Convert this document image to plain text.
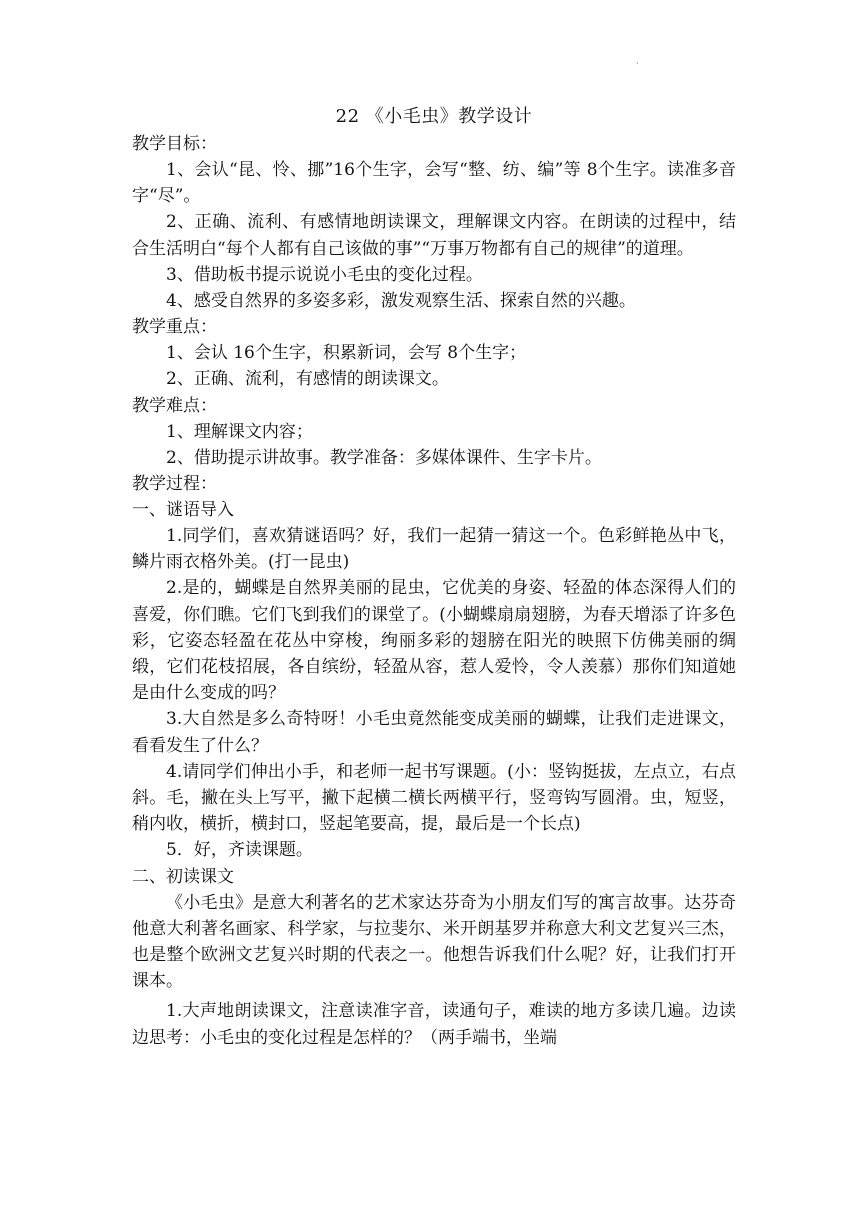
·

22 《小毛虫》教学设计

教学目标：

1、会认“昆、怜、挪”16个生字，会写“整、纺、编”等 8个生字。读准多音字“尽”。

2、正确、流利、有感情地朗读课文，理解课文内容。在朗读的过程中，结合生活明白“每个人都有自己该做的事”“万事万物都有自己的规律”的道理。

3、借助板书提示说说小毛虫的变化过程。

4、感受自然界的多姿多彩，激发观察生活、探索自然的兴趣。

教学重点：

1、会认 16个生字，积累新词，会写 8个生字；

2、正确、流利，有感情的朗读课文。

教学难点：

1、理解课文内容；

2、借助提示讲故事。教学准备：多媒体课件、生字卡片。

教学过程：

一、谜语导入

1.同学们，喜欢猜谜语吗？好，我们一起猜一猜这一个。色彩鲜艳丛中飞，鳞片雨衣格外美。(打一昆虫)

2.是的，蝴蝶是自然界美丽的昆虫，它优美的身姿、轻盈的体态深得人们的喜爱，你们瞧。它们飞到我们的课堂了。(小蝴蝶扇扇翅膀，为春天增添了许多色彩，它姿态轻盈在花丛中穿梭，绚丽多彩的翅膀在阳光的映照下仿佛美丽的绸缎，它们花枝招展，各自缤纷，轻盈从容，惹人爱怜，令人羡慕）那你们知道她是由什么变成的吗？

3.大自然是多么奇特呀！小毛虫竟然能变成美丽的蝴蝶，让我们走进课文，看看发生了什么？

4.请同学们伸出小手，和老师一起书写课题。(小：竖钩挺拔，左点立，右点斜。毛，撇在头上写平，撇下起横二横长两横平行，竖弯钩写圆滑。虫，短竖，稍内收，横折，横封口，竖起笔要高，提，最后是一个长点)

5．好，齐读课题。

二、初读课文

《小毛虫》是意大利著名的艺术家达芬奇为小朋友们写的寓言故事。达芬奇他意大利著名画家、科学家，与拉斐尔、米开朗基罗并称意大利文艺复兴三杰，也是整个欧洲文艺复兴时期的代表之一。他想告诉我们什么呢？好，让我们打开课本。

1.大声地朗读课文，注意读准字音，读通句子，难读的地方多读几遍。边读边思考：小毛虫的变化过程是怎样的？（两手端书，坐端
